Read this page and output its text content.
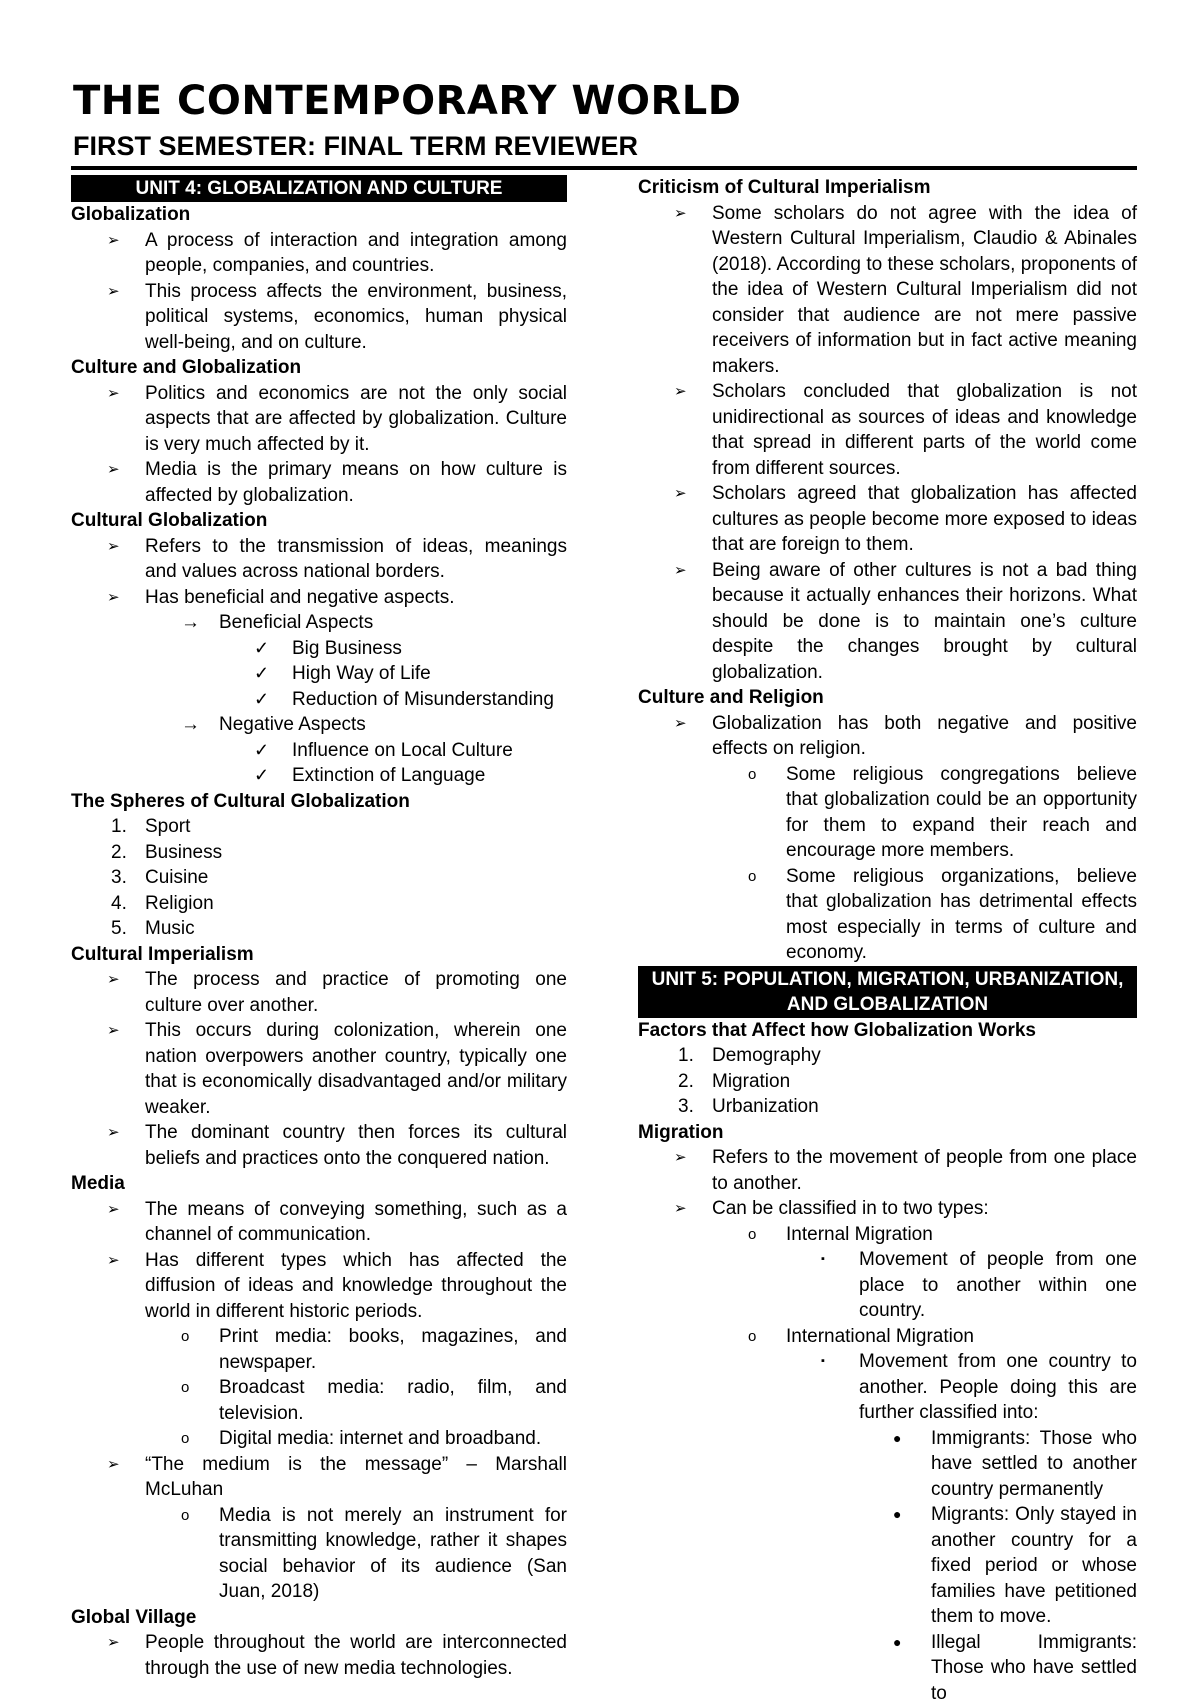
THE CONTEMPORARY WORLD
FIRST SEMESTER: FINAL TERM REVIEWER
UNIT 4: GLOBALIZATION AND CULTURE
Globalization
➢	A process of interaction and integration among people, companies, and countries.
➢	This process affects the environment, business, political systems, economics, human physical well-being, and on culture.
Culture and Globalization
➢	Politics and economics are not the only social aspects that are affected by globalization. Culture is very much affected by it.
➢	Media is the primary means on how culture is affected by globalization.
Cultural Globalization
➢	Refers to the transmission of ideas, meanings and values across national borders.
➢	Has beneficial and negative aspects.
→	Beneficial Aspects
✓	Big Business
✓	High Way of Life
✓	Reduction of Misunderstanding
→	Negative Aspects
✓	Influence on Local Culture
✓	Extinction of Language
The Spheres of Cultural Globalization
1. Sport
2. Business
3. Cuisine
4. Religion
5. Music
Cultural Imperialism
➢	The process and practice of promoting one culture over another.
➢	This occurs during colonization, wherein one nation overpowers another country, typically one that is economically disadvantaged and/or military weaker.
➢	The dominant country then forces its cultural beliefs and practices onto the conquered nation.
Media
➢	The means of conveying something, such as a channel of communication.
➢	Has different types which has affected the diffusion of ideas and knowledge throughout the world in different historic periods.
o	Print media: books, magazines, and newspaper.
o	Broadcast media: radio, film, and television.
o	Digital media: internet and broadband.
➢	“The medium is the message” – Marshall McLuhan
o	Media is not merely an instrument for transmitting knowledge, rather it shapes social behavior of its audience (San Juan, 2018)
Global Village
➢	People throughout the world are interconnected through the use of new media technologies.
Criticism of Cultural Imperialism
➢	Some scholars do not agree with the idea of Western Cultural Imperialism, Claudio & Abinales (2018). According to these scholars, proponents of the idea of Western Cultural Imperialism did not consider that audience are not mere passive receivers of information but in fact active meaning makers.
➢	Scholars concluded that globalization is not unidirectional as sources of ideas and knowledge that spread in different parts of the world come from different sources.
➢	Scholars agreed that globalization has affected cultures as people become more exposed to ideas that are foreign to them.
➢	Being aware of other cultures is not a bad thing because it actually enhances their horizons. What should be done is to maintain one’s culture despite the changes brought by cultural globalization.
Culture and Religion
➢	Globalization has both negative and positive effects on religion.
o	Some religious congregations believe that globalization could be an opportunity for them to expand their reach and encourage more members.
o	Some religious organizations, believe that globalization has detrimental effects most especially in terms of culture and economy.
UNIT 5: POPULATION, MIGRATION, URBANIZATION, AND GLOBALIZATION
Factors that Affect how Globalization Works
1. Demography
2. Migration
3. Urbanization
Migration
➢	Refers to the movement of people from one place to another.
➢	Can be classified in to two types:
o	Internal Migration
▪	Movement of people from one place to another within one country.
o	International Migration
▪	Movement from one country to another. People doing this are further classified into:
●	Immigrants: Those who have settled to another country permanently
●	Migrants: Only stayed in another country for a fixed period or whose families have petitioned them to move.
●	Illegal Immigrants: Those who have settled to
